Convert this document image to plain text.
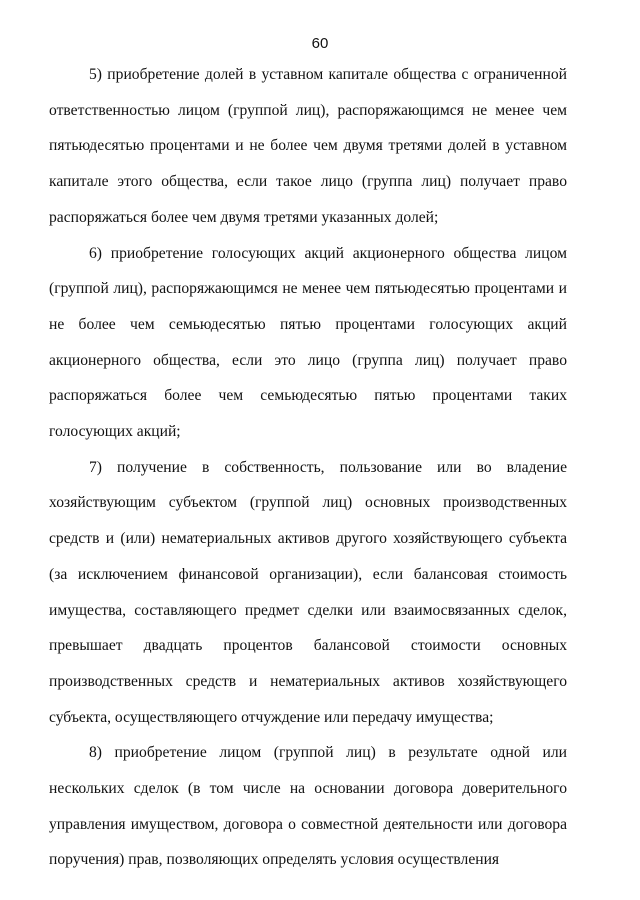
60

5) приобретение долей в уставном капитале общества с ограниченной ответственностью лицом (группой лиц), распоряжающимся не менее чем пятьюдесятью процентами и не более чем двумя третями долей в уставном капитале этого общества, если такое лицо (группа лиц) получает право распоряжаться более чем двумя третями указанных долей;

6) приобретение голосующих акций акционерного общества лицом (группой лиц), распоряжающимся не менее чем пятьюдесятью процентами и не более чем семьюдесятью пятью процентами голосующих акций акционерного общества, если это лицо (группа лиц) получает право распоряжаться более чем семьюдесятью пятью процентами таких голосующих акций;

7) получение в собственность, пользование или во владение хозяйствующим субъектом (группой лиц) основных производственных средств и (или) нематериальных активов другого хозяйствующего субъекта (за исключением финансовой организации), если балансовая стоимость имущества, составляющего предмет сделки или взаимосвязанных сделок, превышает двадцать процентов балансовой стоимости основных производственных средств и нематериальных активов хозяйствующего субъекта, осуществляющего отчуждение или передачу имущества;

8) приобретение лицом (группой лиц) в результате одной или нескольких сделок (в том числе на основании договора доверительного управления имуществом, договора о совместной деятельности или договора поручения) прав, позволяющих определять условия осуществления
